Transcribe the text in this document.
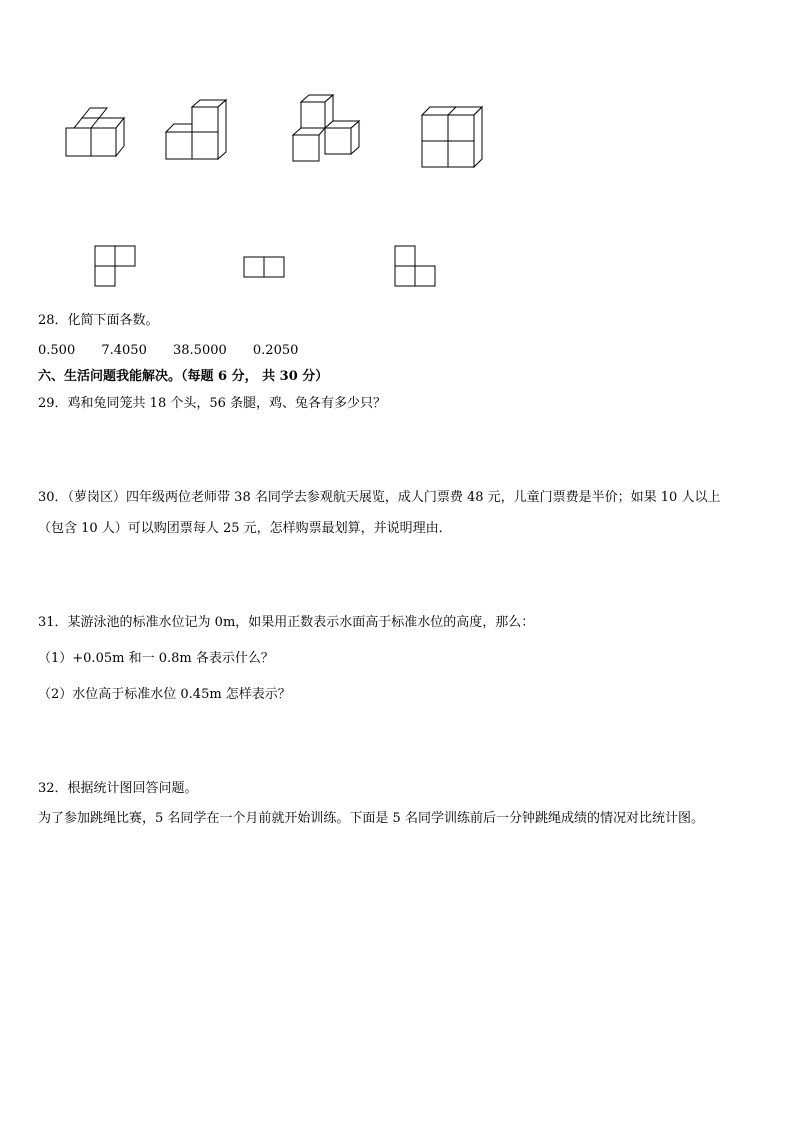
28．化简下面各数。
0.500 7.4050 38.5000 0.2050
六、生活问题我能解决。（每题 6 分， 共 30 分）
29．鸡和兔同笼共 18 个头，56 条腿，鸡、兔各有多少只？
30．（萝岗区）四年级两位老师带 38 名同学去参观航天展览，成人门票费 48 元，儿童门票费是半价；如果 10 人以上
（包含 10 人）可以购团票每人 25 元，怎样购票最划算，并说明理由．
31．某游泳池的标准水位记为 0m，如果用正数表示水面高于标准水位的高度，那么：
（1）+0.05m 和一 0.8m 各表示什么？
（2）水位高于标准水位 0.45m 怎样表示？
32．根据统计图回答问题。
为了参加跳绳比赛，5 名同学在一个月前就开始训练。下面是 5 名同学训练前后一分钟跳绳成绩的情况对比统计图。
